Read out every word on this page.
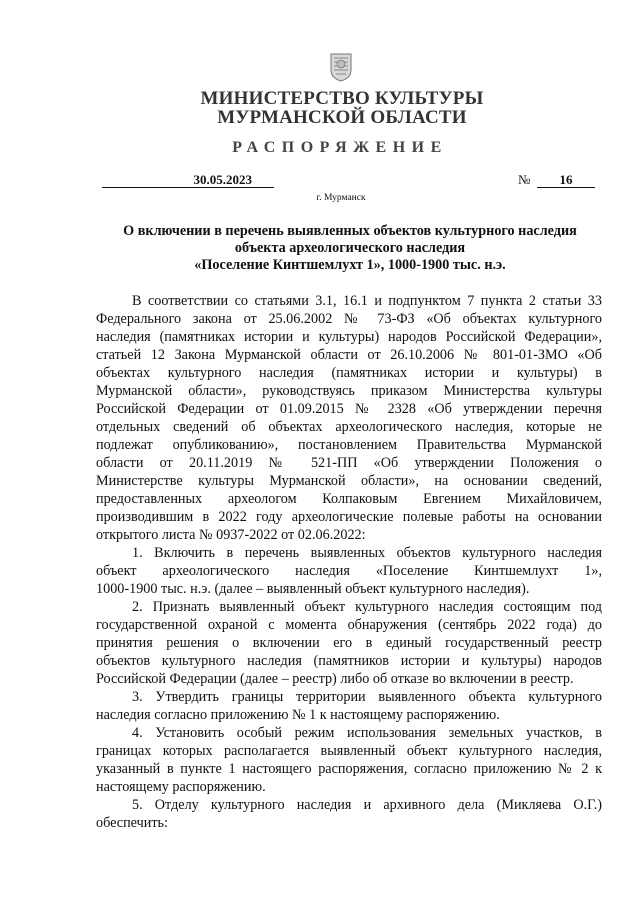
МИНИСТЕРСТВО КУЛЬТУРЫ
МУРМАНСКОЙ ОБЛАСТИ
РАСПОРЯЖЕНИЕ
30.05.2023	№	16
г. Мурманск
О включении в перечень выявленных объектов культурного наследия
объекта археологического наследия
«Поселение Кинтшемлухт 1», 1000-1900 тыс. н.э.
В соответствии со статьями 3.1, 16.1 и подпунктом 7 пункта 2 статьи 33
Федерального закона от 25.06.2002 № 73-ФЗ «Об объектах культурного
наследия (памятниках истории и культуры) народов Российской Федерации»,
статьей 12 Закона Мурманской области от 26.10.2006 № 801-01-ЗМО «Об
объектах культурного наследия (памятниках истории и культуры) в
Мурманской области», руководствуясь приказом Министерства культуры
Российской Федерации от 01.09.2015 № 2328 «Об утверждении перечня
отдельных сведений об объектах археологического наследия, которые не
подлежат опубликованию», постановлением Правительства Мурманской
области от 20.11.2019 № 521-ПП «Об утверждении Положения о
Министерстве культуры Мурманской области», на основании сведений,
предоставленных археологом Колпаковым Евгением Михайловичем,
производившим в 2022 году археологические полевые работы на основании
открытого листа № 0937-2022 от 02.06.2022:
1. Включить в перечень выявленных объектов культурного наследия
объект археологического наследия «Поселение Кинтшемлухт 1»,
1000-1900 тыс. н.э. (далее – выявленный объект культурного наследия).
2. Признать выявленный объект культурного наследия состоящим под
государственной охраной с момента обнаружения (сентябрь 2022 года) до
принятия решения о включении его в единый государственный реестр
объектов культурного наследия (памятников истории и культуры) народов
Российской Федерации (далее – реестр) либо об отказе во включении в реестр.
3. Утвердить границы территории выявленного объекта культурного
наследия согласно приложению № 1 к настоящему распоряжению.
4. Установить особый режим использования земельных участков, в
границах которых располагается выявленный объект культурного наследия,
указанный в пункте 1 настоящего распоряжения, согласно приложению № 2 к
настоящему распоряжению.
5. Отделу культурного наследия и архивного дела (Микляева О.Г.)
обеспечить:
